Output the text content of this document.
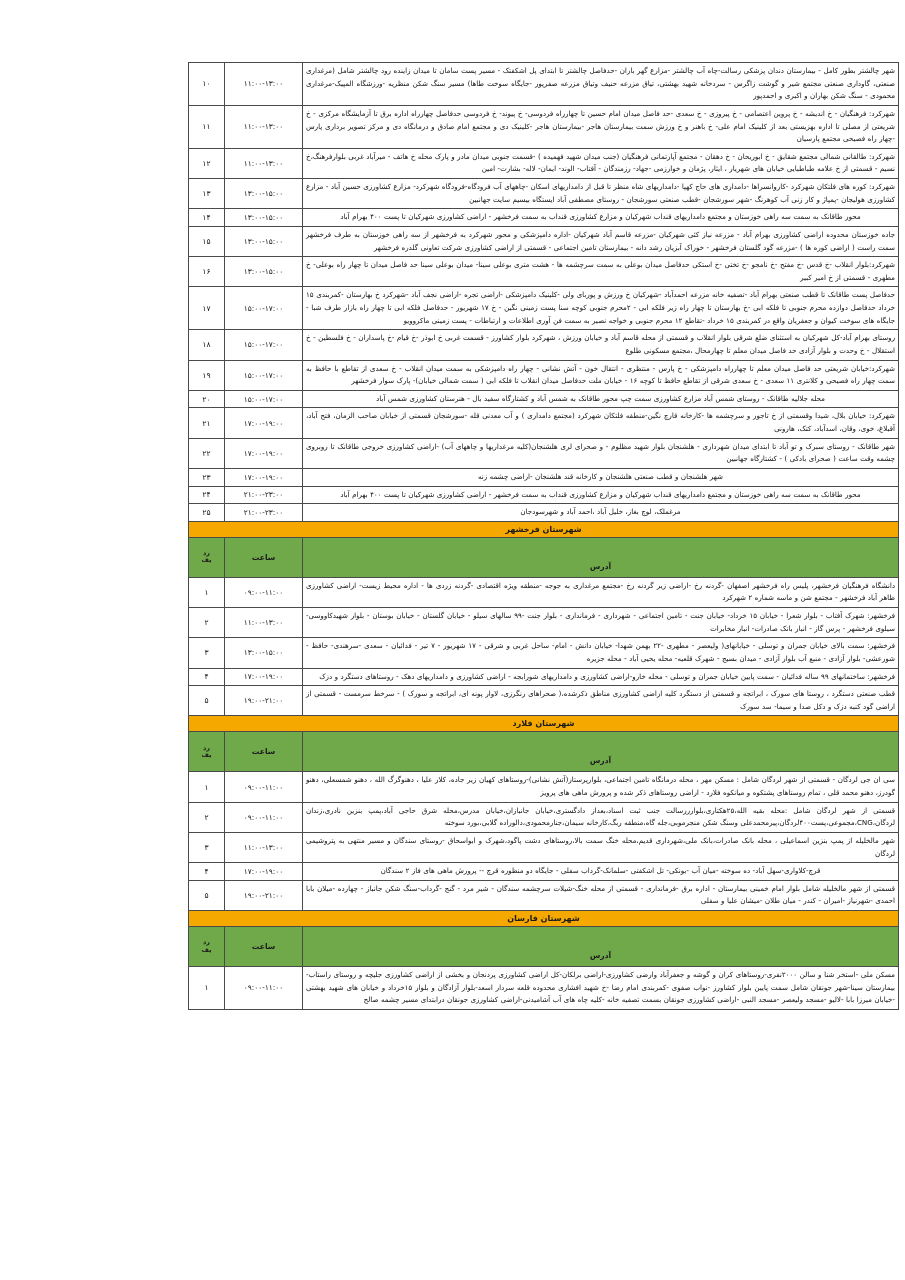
شهر چالشتر بطور کامل - بیمارستان دندان پزشکی رسالت-چاه آب چالشتر -مزارع گهر باران -حدفاصل چالشتر تا ابتدای پل اشکفتک - مسیر پست سامان تا میدان زاینده رود چالشتر شامل (مرغداری صنعتی، گاوداری صنعتی مجتمع شیر و گوشت زاگرس - سردخانه شهید بهشتی، تیاق مزرعه حنیف وتیاق مزرعه صفرپور -جایگاه سوخت طاها) مسیر سنگ شکن منظریه -ورزشگاه المپیک-مرغداری محمودی - سنگ شکن بهاران و اکبری و احمدپور	۱۱:۰۰-۱۳:۰۰	۱۰
شهرکرد: فرهنگیان - خ اندیشه - خ پروین اعتصامی - خ پیروزی - خ سعدی -حد فاصل میدان امام حسین تا چهارراه فردوسی- خ پیوند- خ فردوسی حدفاصل چهارراه اداره برق تا آزمایشگاه مرکزی - خ شریعتی از مصلی تا اداره بهزیستی بعد از کلینیک امام علی- خ باهنر و خ ورزش سمت بیمارستان هاجر -بیمارستان هاجر -کلینیک دی و مجتمع امام صادق و درمانگاه دی و مرکز تصویر برداری پارس -چهار راه فصیحی مجتمع پارسیان	۱۱:۰۰-۱۳:۰۰	۱۱
شهرکرد: طالقانی شمالی مجتمع شقایق - خ ابوریحان - خ دهقان - مجتمع آپارتمانی فرهنگیان (جنب میدان شهید فهمیده ) -قسمت جنوبی میدان مادر و پارک محله خ هاتف - میرآباد غربی بلوارفرهنگ،خ نسیم - قسمتی از خ علامه طباطبایی خیابان های شهریار ، ایثار، پژمان و خوارزمی -جهاد- رزمندگان - آفتاب- الوند- ایمان- لاله- بشارت- امین	۱۱:۰۰-۱۳:۰۰	۱۲
شهرکرد: کوره های فلتکان شهرکرد -کاروانسراها -دامداری های حاج کهپا -دامداریهای شاه منظر تا قبل از دامداریهای اسکان -چاههای آب فرودگاه-فرودگاه شهرکرد- مزارع کشاورزی حسین آباد - مزارع کشاورزی هولیجان -پمپاژ و کار زنی آب کوهرنگ -شهر سورشجان -قطب صنعتی سورشجان - روستای مصطفی آباد ایستگاه بیسیم سایت جهانبین	۱۳:۰۰-۱۵:۰۰	۱۳
محور طاقانک به سمت سه راهی خوزستان و مجتمع دامداریهای قنداب شهرکیان و مزارع کشاورزی قنداب به سمت فرخشهر - اراضی کشاورزی شهرکیان تا پست ۴۰۰ بهرام آباد	۱۳:۰۰-۱۵:۰۰	۱۴
جاده خوزستان محدوده اراضی کشاورزی بهرام آباد - مزرعه نیاز کئی شهرکیان -مزرعه قاسم آباد شهرکیان -اداره دامپزشکی و محور شهرکرد به فرخشهر از سه راهی خوزستان به طرف فرخشهر سمت راست ( اراضی کوره ها ) -مزرعه گود گلستان فرخشهر - خوراک آبزیان رشد دانه - بیمارستان تامین اجتماعی - قسمتی از اراضی کشاورزی شرکت تعاونی گلدره فرخشهر	۱۳:۰۰-۱۵:۰۰	۱۵
شهرکرد:بلوار انقلاب -خ قدس -خ مفتح -خ نامجو -خ تختی -خ استکی حدفاصل میدان بوعلی به سمت سرچشمه ها - هشت متری بوعلی سینا- میدان بوعلی سینا حد فاصل میدان تا چهار راه بوعلی- خ مطهری - قسمتی از خ امیر کبیر	۱۳:۰۰-۱۵:۰۰	۱۶
حدفاصل پست طاقانک تا قطب صنعتی بهرام آباد -تصفیه خانه مزرعه احمدآباد -شهرکیان خ ورزش و پوربای ولی -کلینیک دامپزشکی -اراضی تجره -اراضی نجف آباد -شهرکرد خ بهارستان -کمربندی ۱۵ خرداد حدفاصل دوازده محرم جنوبی تا فلکه ابی -خ بهارستان تا چهار راه زیر فلکه ابی - ۲محرم جنوبی کوچه سنا پست زمینی نگین - خ ۱۷ شهریور - حدفاصل فلکه ابی تا چهار راه بازار طرف شبا - جایگاه های سوخت کیوان و جعفریان واقع در کمربندی ۱۵ خرداد -تقاطع ۱۲ محرم جنوبی و خواجه نصیر به سمت فن آوری اطلاعات و ارتباطات - پست زمینی ماکروویو	۱۵:۰۰-۱۷:۰۰	۱۷
روستای بهرام آباد-کل شهرکیان به استثنای ضلع شرقی بلوار انقلاب و قسمتی از محله قاسم آباد و خیابان ورزش ، شهرکرد بلوار کشاورز - قسمت غربی خ ابوذر -خ قیام -خ پاسداران - خ فلسطین - خ استقلال - خ وحدت و بلوار آزادی حد فاصل میدان معلم تا چهارمحال ،مجتمع مسکونی طلوع	۱۵:۰۰-۱۷:۰۰	۱۸
شهرکرد:خیابان شریعتی حد فاصل میدان معلم تا چهارراه دامپزشکی - خ پارس - منتظری - انتقال خون - آتش نشانی - چهار راه دامپزشکی به سمت میدان انقلاب - خ سعدی از تقاطع با حافظ به سمت چهار راه فصیحی و کلانتری ۱۱ سعدی - خ سعدی شرقی از تقاطع حافظ تا کوچه ۱۶ - خیابان ملت حدفاصل میدان انقلاب تا فلکه ابی ( سمت شمالی خیابان)- پارک سوار فرخشهر	۱۵:۰۰-۱۷:۰۰	۱۹
محله جلالیه طاقانک - روستای شمس آباد مزارع کشاورزی سمت چپ محور طاقانک به شمس آباد و کشتارگاه سفید بال - هنرستان کشاورزی شمس آباد	۱۵:۰۰-۱۷:۰۰	۲۰
شهرکرد: خیابان بلال، شیدا وقسمتی از خ تاجور و سرچشمه ها -کارخانه قارچ نگین-منطقه فلتکان شهرکرد (مجتمع دامداری ) و آب معدنی قله -سورشجان قسمتی از خیابان صاحب الزمان، فتح آباد، آقبلاغ، خوی، وقان، اسدآباد، کتک، هارونی	۱۷:۰۰-۱۹:۰۰	۲۱
شهر طاقانک - روستای سبرک و تو آباد تا ابتدای میدان شهرداری - هلشنجان بلوار شهید مظلوم - و صحرای لری هلشنجان(کلیه مرغداریها و چاههای آب) -اراضی کشاورزی خروجی طاقانک تا روبروی چشمه وقت ساعت ( صحرای بادکی ) - کشتارگاه جهانبین	۱۷:۰۰-۱۹:۰۰	۲۲
شهر هلشنجان و قطب صنعتی هلشنجان و کارخانه قند هلشنجان -اراضی چشمه زنه	۱۷:۰۰-۱۹:۰۰	۲۳
محور طاقانک به سمت سه راهی خوزستان و مجتمع دامداریهای قنداب شهرکیان و مزارع کشاورزی قنداب به سمت فرخشهر - اراضی کشاورزی شهرکیان تا پست ۴۰۰ بهرام آباد	۲۱:۰۰-۲۳:۰۰	۲۴
مرغملک، لوچ بغاز، خلیل آباد ،احمد آباد و شهرسودجان	۲۱:۰۰-۲۳:۰۰	۲۵
شهرستان فرخشهر		
آدرس	ساعت	رد
یف

دانشگاه فرهنگیان فرخشهر، پلیس راه فرخشهر اصفهان -گردنه رخ -اراضی زیر گردنه رخ -مجتمع مرغداری به جوجه -منطقه ویژه اقتصادی -گردنه زردی ها - اداره محیط زیست- اراضی کشاورزی ظاهر آباد فرخشهر - مجتمع شن و ماسه شماره ۲ شهرکرد	۰۹:۰۰-۱۱:۰۰	۱
فرخشهر: شهرک آفتاب - بلوار شعرا - خیابان ۱۵ خرداد- خیابان جنت - تامین اجتماعی - شهرداری - فرمانداری - بلوار جنت -۹۹ سالهای سیلو - خیابان گلستان - خیابان بوستان - بلوار شهیدکاووسی- سیلوی فرخشهر - پرس گاز - انبار بانک صادرات- انبار مخابرات	۱۱:۰۰-۱۳:۰۰	۲
فرخشهر: سمت بالای خیابان جمران و توسلی - خیابانهای( ولیعصر - مطهری -۲۲ بهمن شهدا- خیابان دانش - امام- ساحل غربی و شرقی - ۱۷ شهریور - ۷ تیر - فدائیان - سعدی -سرهندی- حافظ - شورعشی- بلوار آزادی - منبع آب بلوار آزادی - میدان بسیج - شهرک قلعیه- محله یحیی آباد - محله جزیره	۱۳:۰۰-۱۵:۰۰	۳
فرخشهر: ساختمانهای ۹۹ ساله فدائیان - سمت پایین خیابان جمران و توسلی - محله خارو-اراضی کشاورزی و دامداریهای شورابجه - اراضی کشاورزی و دامداریهای دهک - روستاهای دستگرد و دزک	۱۷:۰۰-۱۹:۰۰	۴
قطب صنعتی دستگرد ، روستا های سورک ، ابراتجه و قسمتی از دستگرد کلیه اراضی کشاورزی مناطق ذکرشده،( صحراهای رنگرزی، لاوار پونه ای، ابراتجه و سورک ) - سرخط سرمست - قسمتی از اراضی گود کنبه دزک و دکل صدا و سیما- سد سورک	۱۹:۰۰-۲۱:۰۰	۵
شهرستان فلارد		
آدرس	ساعت	رد
یف

سی ان جی لردگان - قسمتی از شهر لردگان شامل : مسکن مهر ، محله درمانگاه تامین اجتماعی، بلوارپرستار(آتش نشانی)-روستاهای کهیان زیر جاده، کلار علیا ، دهنوگرگ الله ، دهنو شمسعلی، دهنو گودرز، دهنو محمد قلی ، تمام روستاهای پشتکوه و میانکوه فلارد - اراضی روستاهای ذکر شده و پرورش ماهی های پرویز	۰۹:۰۰-۱۱:۰۰	۱
قسمتی از شهر لردگان شامل :محله بقیه الله،۲۵هکتاری،بلوارررسالت جنب ثبت اسناد،بعداز دادگستری،خیابان جانبازان،خیابان مدرس،محله شرق حاجی آباد،پمپ بنزین نادری،زندان لردگان،CNG،مجموعی،پست۴۰۰لردگان،پیرمحمدعلی وسنگ شکن منجرموبی،جله گاه،منطقه ربگ،کارخانه سیمان،جنارمحمودی،دالوراده گلابی،بورد سوخته	۰۹:۰۰-۱۱:۰۰	۲
شهر مالخلیله از پمپ بنزین اسماعیلی ، محله بانک صادرات،بانک ملی،شهرداری قدیم،محله خنگ سمت بالا،روستاهای دشت پاگود،شهرک و ابواسحاق -روستای سندگان و مسیر منتهی به پتروشیمی لردگان	۱۱:۰۰-۱۳:۰۰	۳
قرچ-کلاواری-سهل آباد- ده سوخته -میان آب -بونکی- تل اشکفتی -سلمانک-گرداب سفلی - جایگاه دو منظوره قرچ -- پرورش ماهی های فاز ۲ سندگان	۱۷:۰۰-۱۹:۰۰	۴
قسمتی از شهر مالخلیله شامل بلوار امام خمینی بیمارستان - اداره برق -فرمانداری - قسمتی از محله خنگ-شیلات سرچشمه سندگان - شیر مرد - گنج -گرداب-سنگ شکن جانباز - چهارده -میلان بابا احمدی -شهرنیاز -امیران - کندر - میان طلان -میشان علیا و سفلی	۱۹:۰۰-۲۱:۰۰	۵
شهرستان فارسان		
آدرس	ساعت	رد
یف

مسکن ملی -استخر شنا و سالن ۲۰۰۰نفری-روستاهای کران و گوشه و جعفرآباد وارضی کشاورزی-اراضی برلکان-کل اراضی کشاورزی پردنجان و بخشی از اراضی کشاورزی جلیچه و روستای راستاب-بیمارستان سینا-شهر جونقان شامل سمت پایین بلوار کشاورز -نواب صفوی -کمربندی امام رضا -خ شهید افشاری محدوده قلعه سردار اسعد-بلوار آزادگان و بلوار ۱۵خرداد و خیابان های شهید بهشتی -خیابان میرزا بابا -لالیو -مسجد ولیعصر -مسجد النبی -اراضی کشاورزی جونقان بسمت تصفیه خانه -کلیه چاه های آب آشامیدنی-اراضی کشاورزی جونقان درابتدای مسیر چشمه صالح	۰۹:۰۰-۱۱:۰۰	۱
